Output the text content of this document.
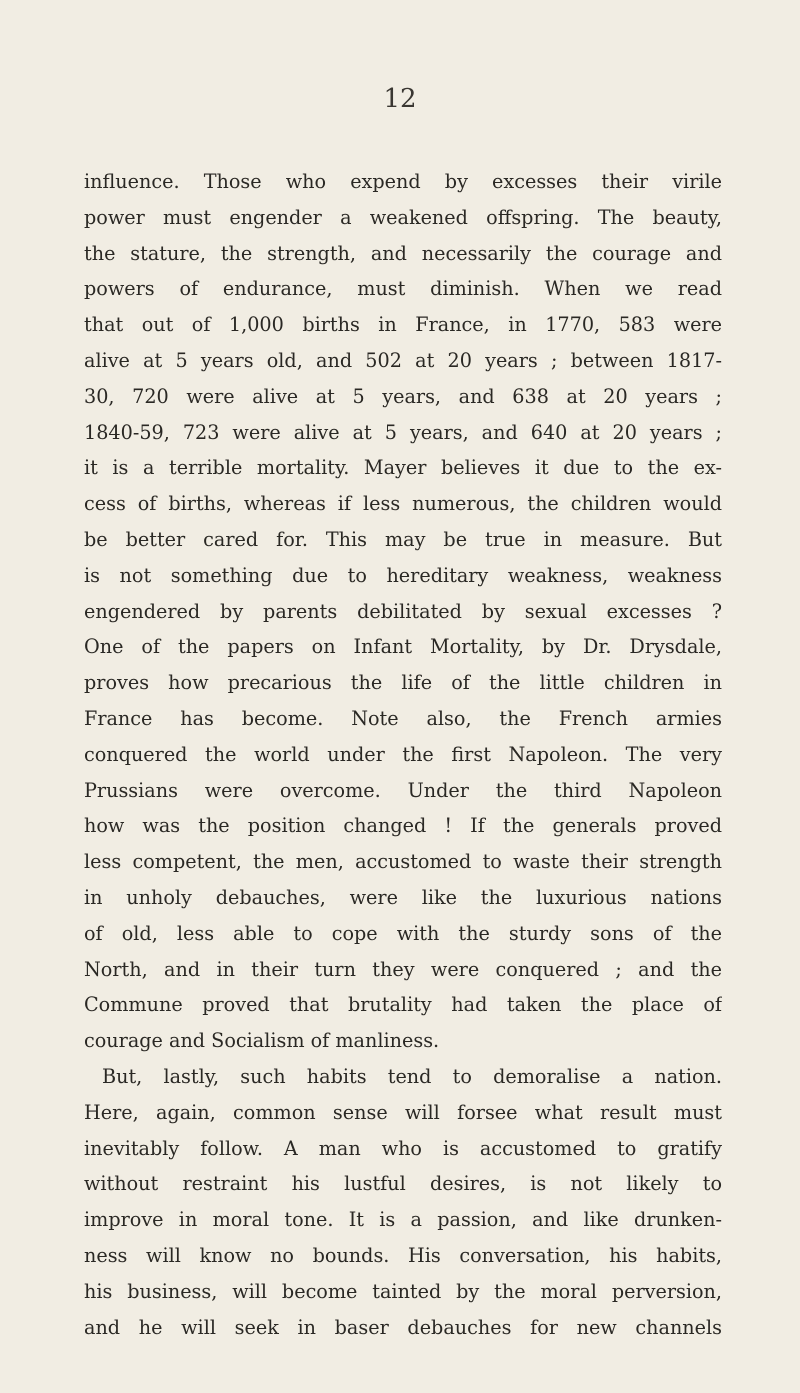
12
influence. Those who expend by excesses their virile
power must engender a weakened offspring. The beauty,
the stature, the strength, and necessarily the courage and
powers of endurance, must diminish. When we read
that out of 1,000 births in France, in 1770, 583 were
alive at 5 years old, and 502 at 20 years ; between 1817-
30, 720 were alive at 5 years, and 638 at 20 years ;
1840-59, 723 were alive at 5 years, and 640 at 20 years ;
it is a terrible mortality. Mayer believes it due to the ex-
cess of births, whereas if less numerous, the children would
be better cared for. This may be true in measure. But
is not something due to hereditary weakness, weakness
engendered by parents debilitated by sexual excesses ?
One of the papers on Infant Mortality, by Dr. Drysdale,
proves how precarious the life of the little children in
France has become. Note also, the French armies
conquered the world under the first Napoleon. The very
Prussians were overcome. Under the third Napoleon
how was the position changed ! If the generals proved
less competent, the men, accustomed to waste their strength
in unholy debauches, were like the luxurious nations
of old, less able to cope with the sturdy sons of the
North, and in their turn they were conquered ; and the
Commune proved that brutality had taken the place of
courage and Socialism of manliness.
But, lastly, such habits tend to demoralise a nation.
Here, again, common sense will forsee what result must
inevitably follow. A man who is accustomed to gratify
without restraint his lustful desires, is not likely to
improve in moral tone. It is a passion, and like drunken-
ness will know no bounds. His conversation, his habits,
his business, will become tainted by the moral perversion,
and he will seek in baser debauches for new channels
